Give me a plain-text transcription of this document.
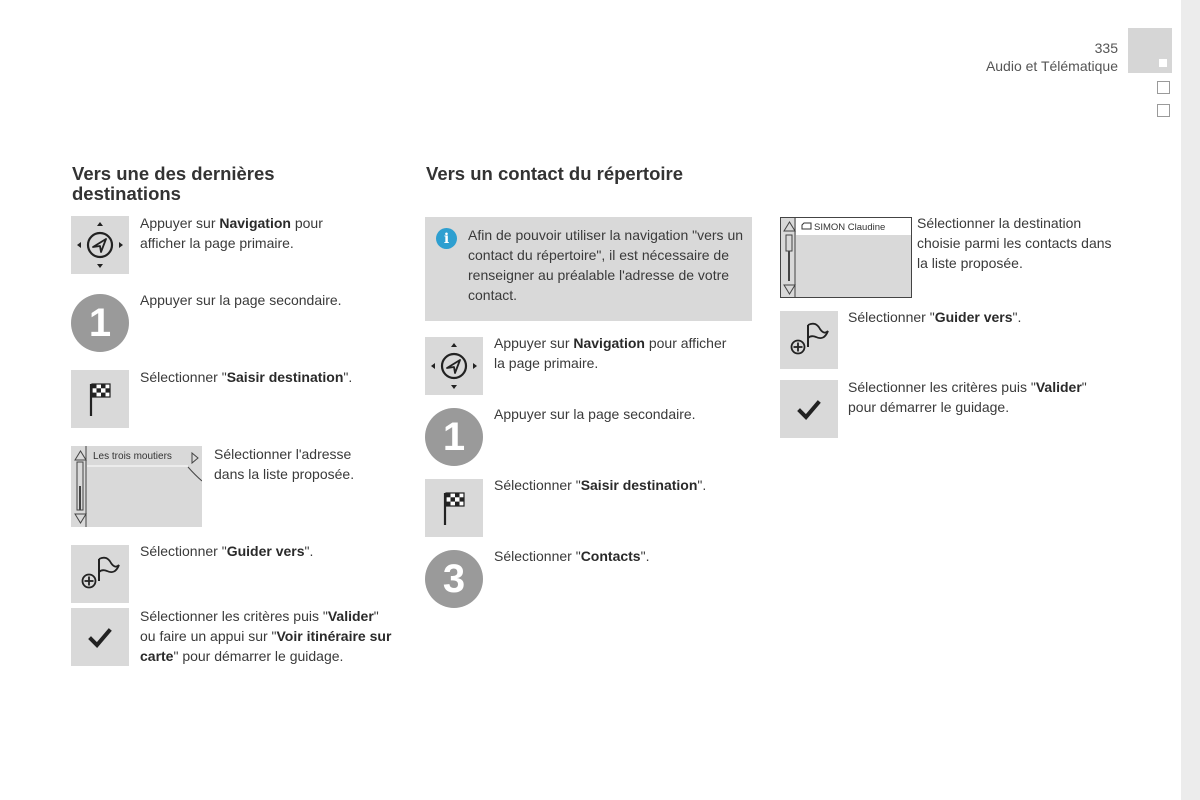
335
Audio et Télématique
Vers une des dernières destinations
Appuyer sur Navigation pour afficher la page primaire.
1
Appuyer sur la page secondaire.
Sélectionner "Saisir destination".
Les trois moutiers	Sélectionner l'adresse dans la liste proposée.
Sélectionner "Guider vers".
Sélectionner les critères puis "Valider" ou faire un appui sur "Voir itinéraire sur carte" pour démarrer le guidage.
Vers un contact du répertoire
i	Afin de pouvoir utiliser la navigation "vers un contact du répertoire", il est nécessaire de renseigner au préalable l'adresse de votre contact.
Appuyer sur Navigation pour afficher la page primaire.
1
Appuyer sur la page secondaire.
Sélectionner "Saisir destination".
3
Sélectionner "Contacts".
SIMON Claudine Sélectionner la destination choisie parmi les contacts dans la liste proposée.
Sélectionner "Guider vers".
Sélectionner les critères puis "Valider" pour démarrer le guidage.
